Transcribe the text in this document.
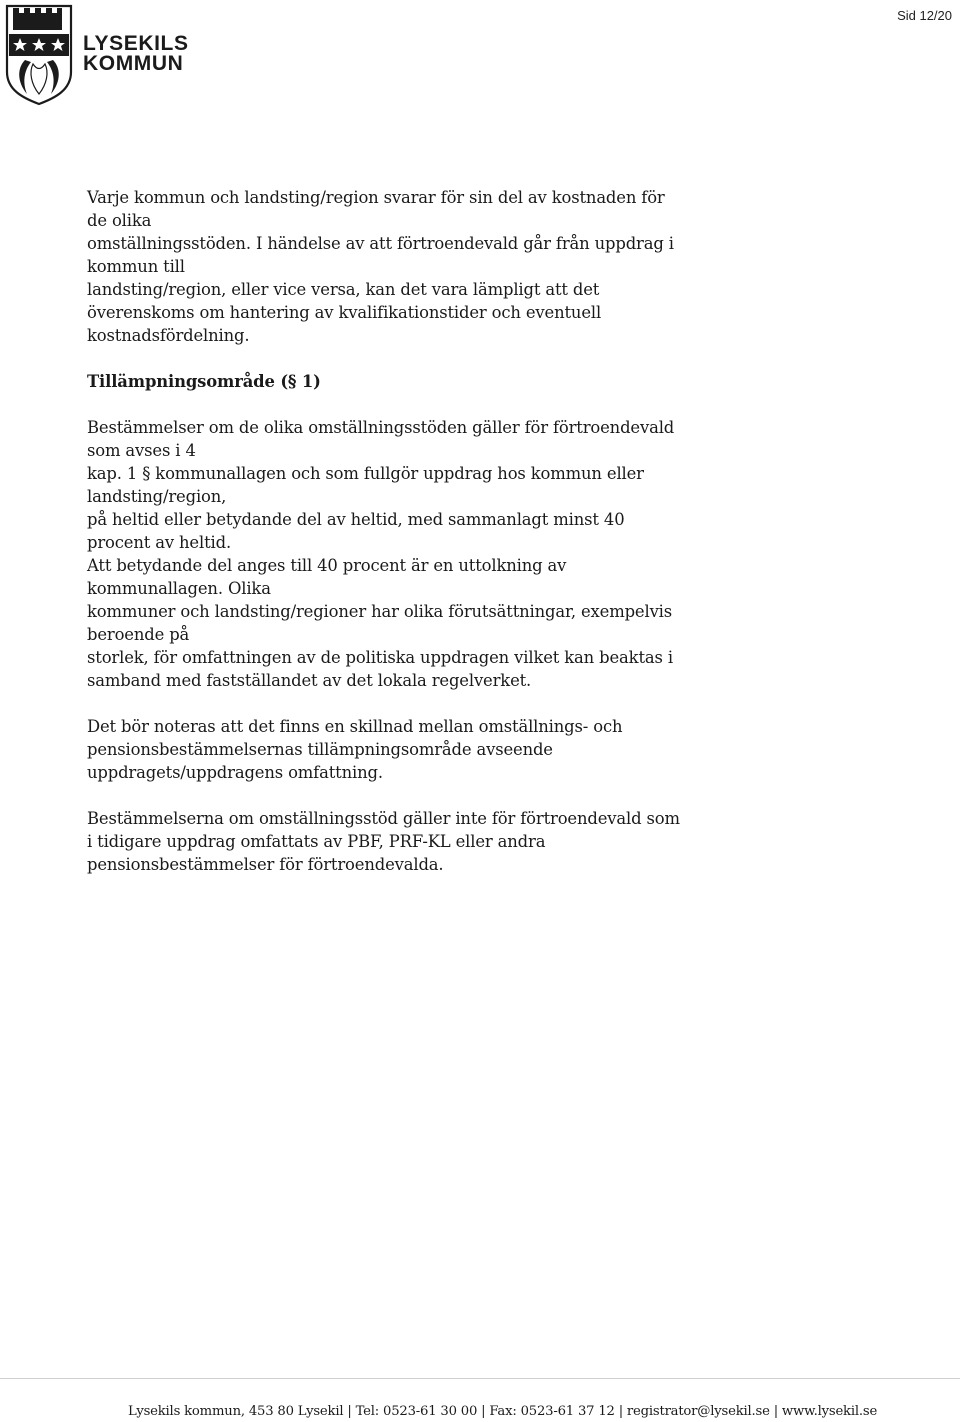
LYSEKILS
KOMMUN
Sid 12/20
Varje kommun och landsting/region svarar för sin del av kostnaden för
de olika
omställningsstöden. I händelse av att förtroendevald går från uppdrag i
kommun till
landsting/region, eller vice versa, kan det vara lämpligt att det
överenskoms om hantering av kvalifikationstider och eventuell
kostnadsfördelning.
Tillämpningsområde (§ 1)
Bestämmelser om de olika omställningsstöden gäller för förtroendevald
som avses i 4
kap. 1 § kommunallagen och som fullgör uppdrag hos kommun eller
landsting/region,
på heltid eller betydande del av heltid, med sammanlagt minst 40
procent av heltid.
Att betydande del anges till 40 procent är en uttolkning av
kommunallagen. Olika
kommuner och landsting/regioner har olika förutsättningar, exempelvis
beroende på
storlek, för omfattningen av de politiska uppdragen vilket kan beaktas i
samband med fastställandet av det lokala regelverket.
Det bör noteras att det finns en skillnad mellan omställnings- och
pensionsbestämmelsernas tillämpningsområde avseende
uppdragets/uppdragens omfattning.
Bestämmelserna om omställningsstöd gäller inte för förtroendevald som
i tidigare uppdrag omfattats av PBF, PRF-KL eller andra
pensionsbestämmelser för förtroendevalda.
Lysekils kommun, 453 80 Lysekil | Tel: 0523-61 30 00 | Fax: 0523-61 37 12 | registrator@lysekil.se | www.lysekil.se
